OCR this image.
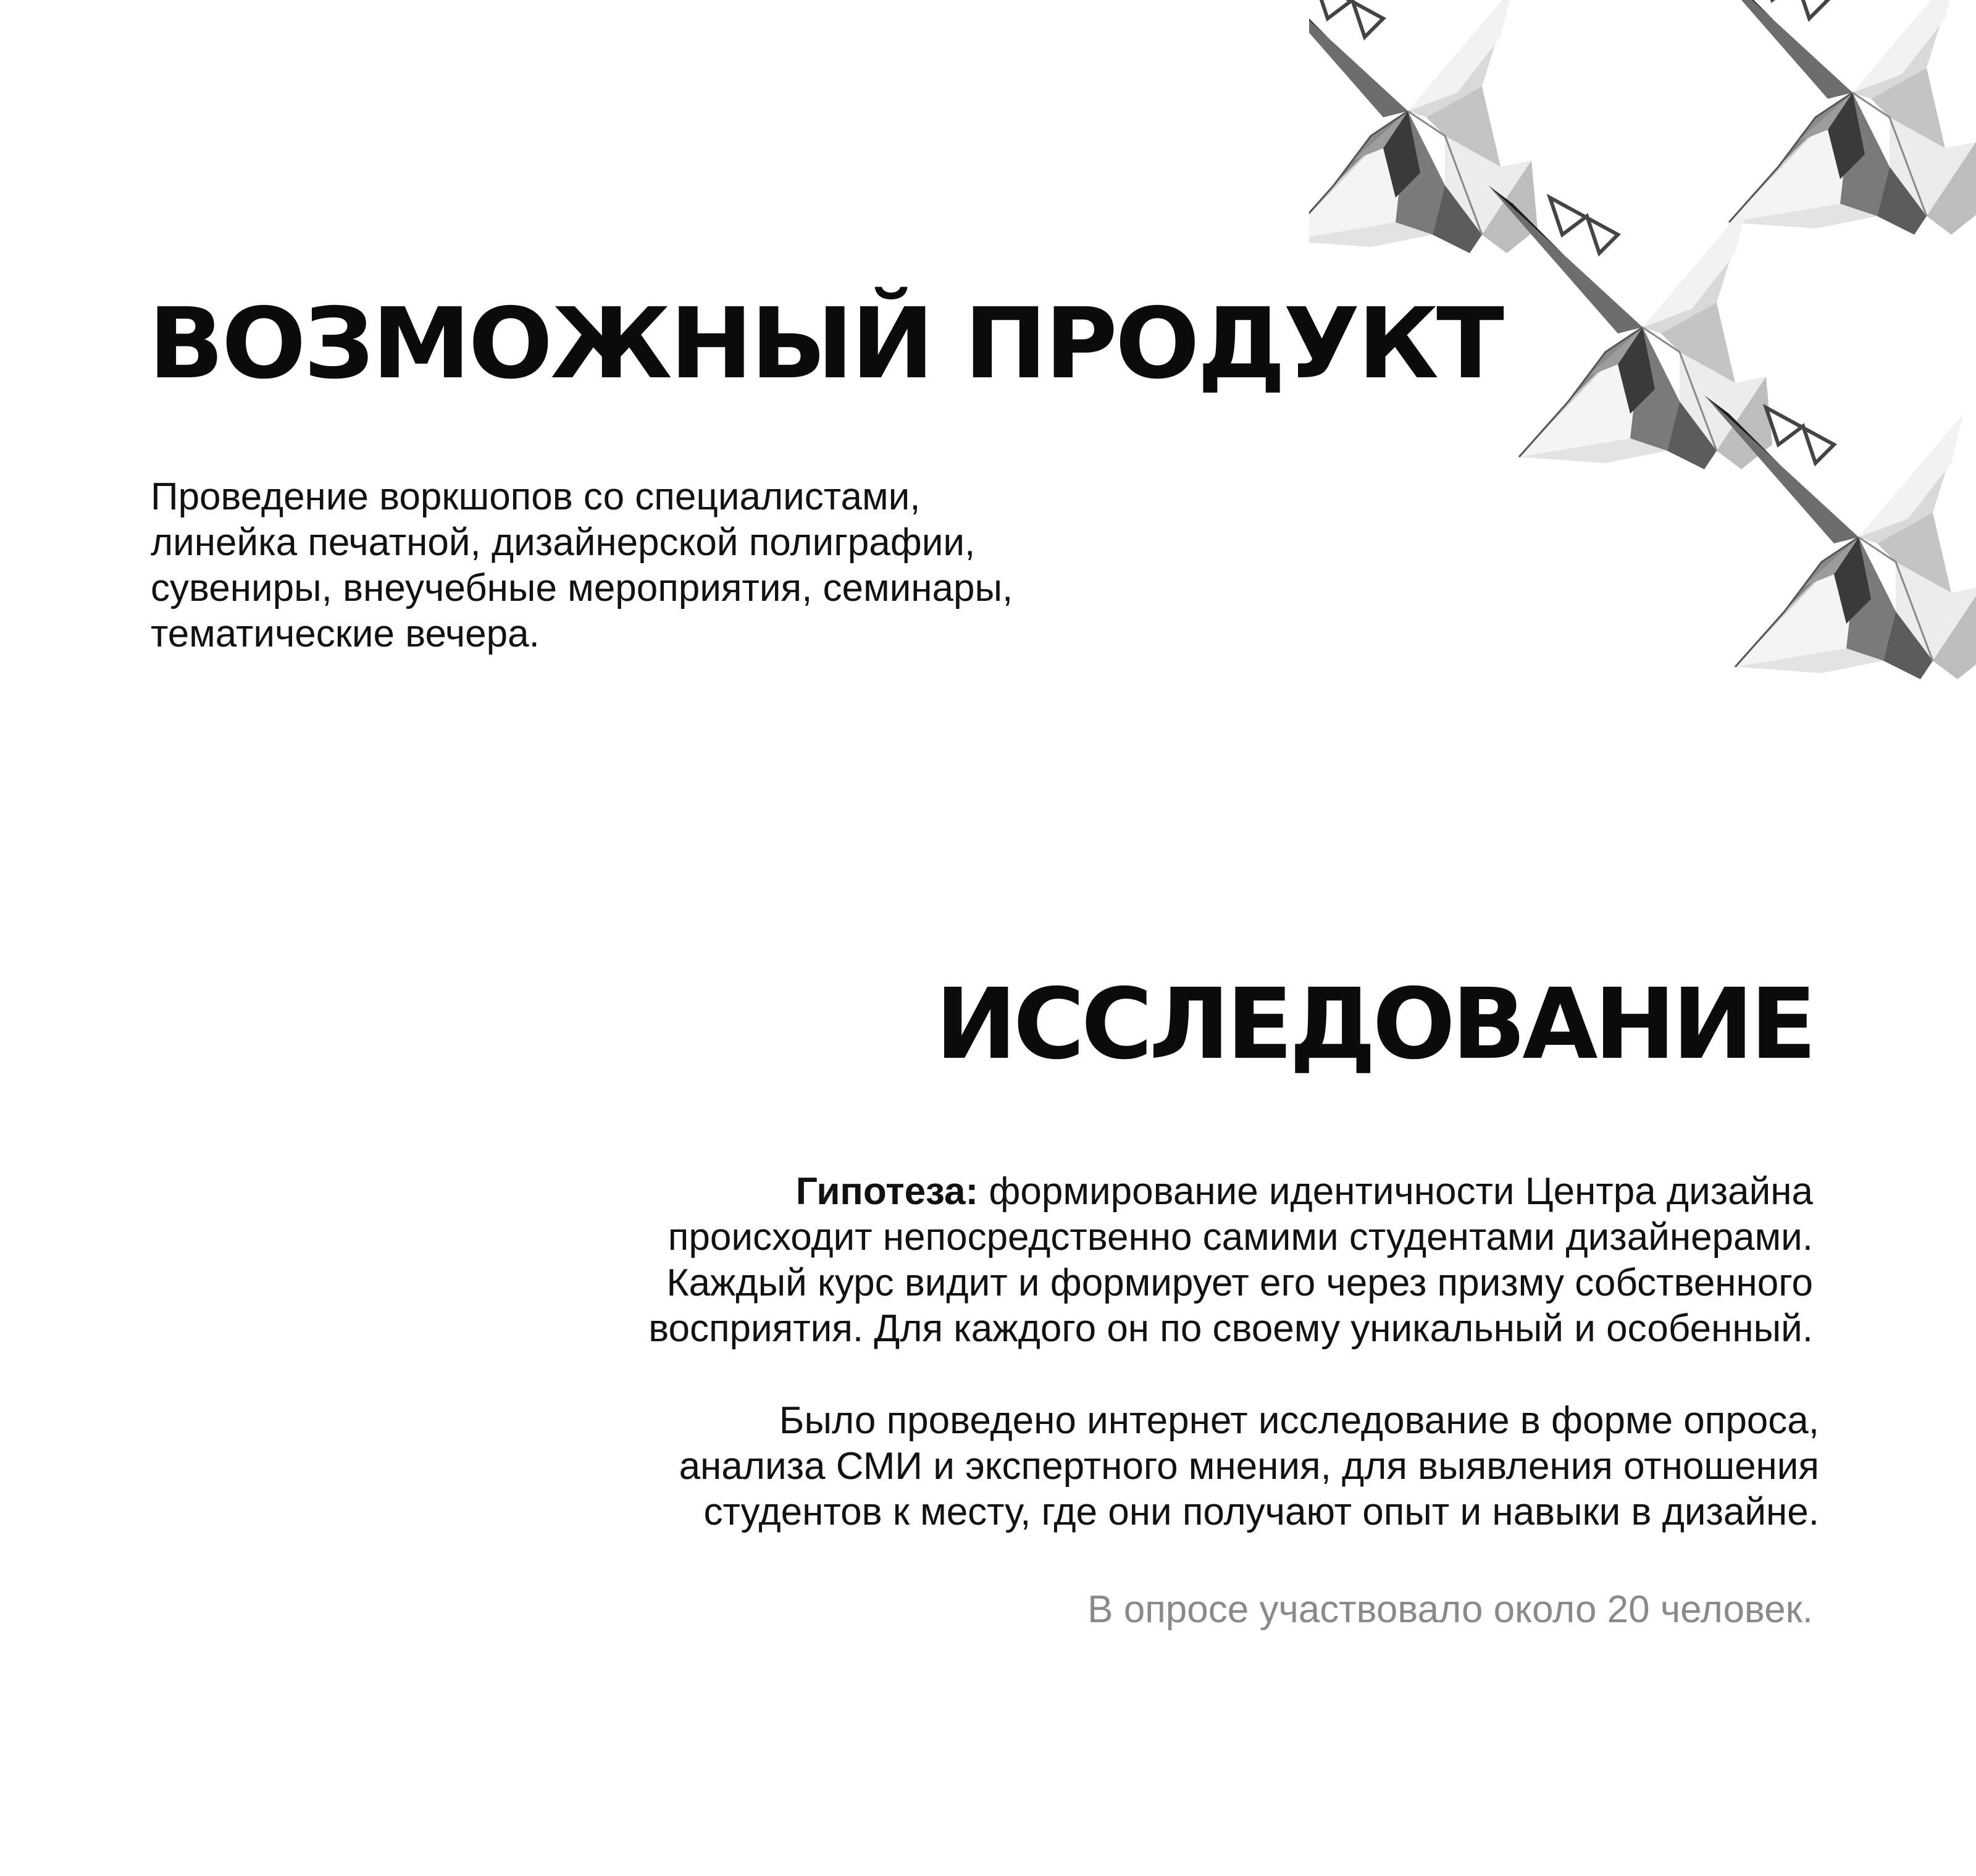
ВОЗМОЖНЫЙ ПРОДУКТ

Проведение воркшопов со специалистами,
линейка печатной, дизайнерской полиграфии,
сувениры, внеучебные мероприятия, семинары,
тематические вечера.

ИССЛЕДОВАНИЕ

Гипотеза: формирование идентичности Центра дизайна
происходит непосредственно самими студентами дизайнерами.
Каждый курс видит и формирует его через призму собственного
восприятия. Для каждого он по своему уникальный и особенный.

Было проведено интернет исследование в форме опроса,
анализа СМИ и экспертного мнения, для выявления отношения
студентов к месту, где они получают опыт и навыки в дизайне.

В опросе участвовало около 20 человек.
